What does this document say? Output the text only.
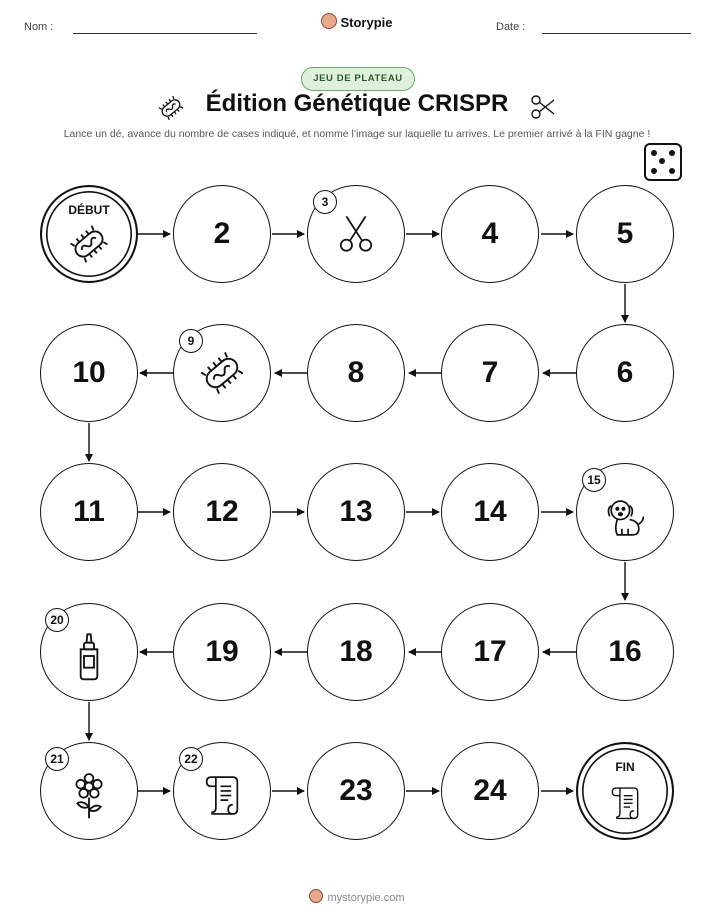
Nom :	Storypie	Date :
JEU DE PLATEAU
Édition Génétique CRISPR
Lance un dé, avance du nombre de cases indiqué, et nomme l’image sur laquelle tu arrives. Le premier arrivé à la FIN gagne !
DÉBUT
2
3
4	5
10
9
8	7	6
11	12	13	14
15
20
19	18	17	16
21	22
23	24
FIN
mystorypie.com
